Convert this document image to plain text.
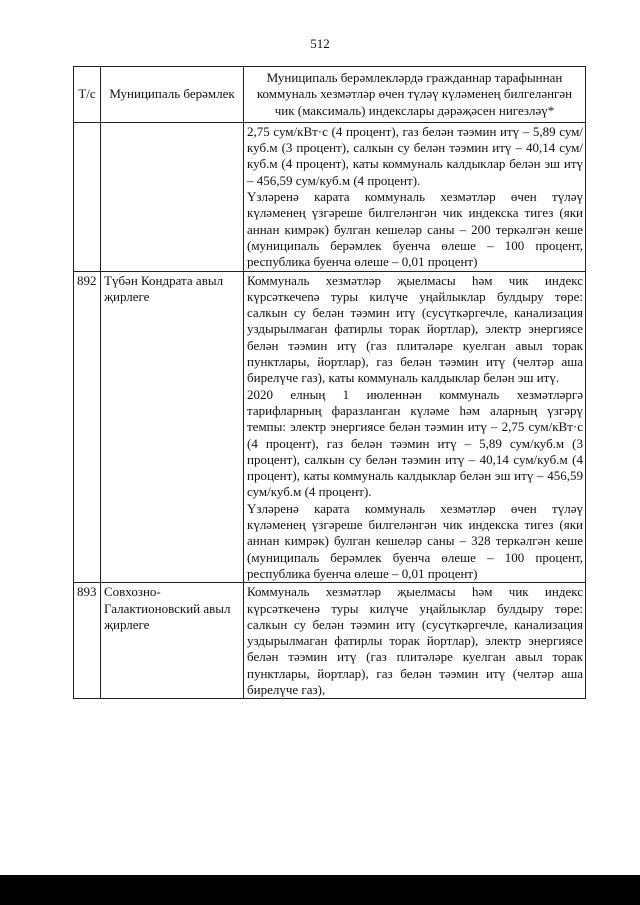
512
Т/с	Муниципаль берәмлек	Муниципаль берәмлекләрдә гражданнар тарафыннан коммуналь хезмәтләр өчен түләү күләменең билгеләнгән чик (максималь) индекслары дәрәҗәсен нигезләү*

		2,75 сум/кВт·с (4 процент), газ белән тәэмин итү – 5,89 сум/куб.м (3 процент), салкын су белән тәэмин итү – 40,14 сум/куб.м (4 процент), каты коммуналь калдыклар белән эш итү – 456,59 сум/куб.м (4 процент).

Үзләренә карата коммуналь хезмәтләр өчен түләү күләменең үзгәреше билгеләнгән чик индекска тигез (яки аннан кимрәк) булган кешеләр саны – 200 теркәлгән кеше (муниципаль берәмлек буенча өлеше – 100 процент, республика буенча өлеше – 0,01 процент)

892	Түбән Кондрата авыл җирлеге	Коммуналь хезмәтләр җыелмасы һәм чик индекс күрсәткечenә туры килүче уңайлыклар булдыру төре: салкын су белән тәэмин итү (сусүткәргечле, канализация уздырылмаган фатирлы торак йортлар), электр энергиясе белән тәэмин итү (газ плитәләре куелган авыл торак пунктлары, йортлар), газ белән тәэмин итү (челтәр аша бирелүче газ), каты коммуналь калдыклар белән эш итү.

2020 елның 1 июленнән коммуналь хезмәтләргә тарифларның фаразланган күләме һәм аларның үзгәрү темпы: электр энергиясе белән тәэмин итү – 2,75 сум/кВт·с (4 процент), газ белән тәэмин итү – 5,89 сум/куб.м (3 процент), салкын су белән тәэмин итү – 40,14 сум/куб.м (4 процент), каты коммуналь калдыклар белән эш итү – 456,59 сум/куб.м (4 процент).

Үзләренә карата коммуналь хезмәтләр өчен түләү күләменең үзгәреше билгеләнгән чик индекска тигез (яки аннан кимрәк) булган кешеләр саны – 328 теркәлгән кеше (муниципаль берәмлек буенча өлеше – 100 процент, республика буенча өлеше – 0,01 процент)

893	Совхозно-Галактионовский авыл җирлеге	Коммуналь хезмәтләр җыелмасы һәм чик индекс күрсәткеченә туры килүче уңайлыклар булдыру төре: салкын су белән тәэмин итү (сусүткәргечле, канализация уздырылмаган фатирлы торак йортлар), электр энергиясе белән тәэмин итү (газ плитәләре куелган авыл торак пунктлары, йортлар), газ белән тәэмин итү (челтәр аша бирелүче газ),
